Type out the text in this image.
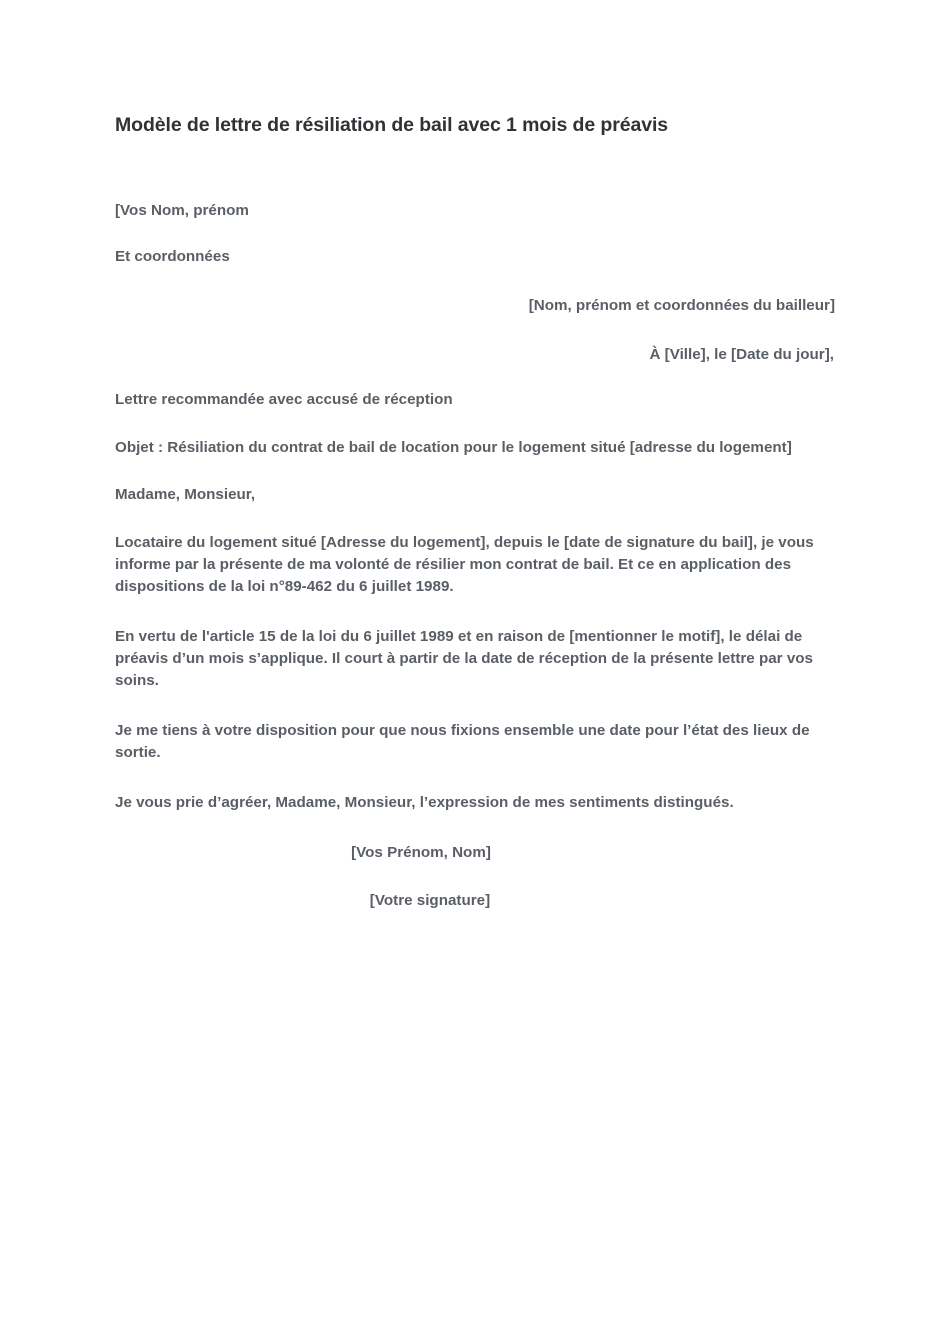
Modèle de lettre de résiliation de bail avec 1 mois de préavis

[Vos Nom, prénom

Et coordonnées

[Nom, prénom et coordonnées du bailleur]

À [Ville], le [Date du jour],

Lettre recommandée avec accusé de réception

Objet : Résiliation du contrat de bail de location pour le logement situé [adresse du logement]

Madame, Monsieur,

Locataire du logement situé [Adresse du logement], depuis le [date de signature du bail], je vous informe par la présente de ma volonté de résilier mon contrat de bail. Et ce en application des dispositions de la loi n°89-462 du 6 juillet 1989.

En vertu de l'article 15 de la loi du 6 juillet 1989 et en raison de [mentionner le motif], le délai de préavis d’un mois s’applique. Il court à partir de la date de réception de la présente lettre par vos soins.

Je me tiens à votre disposition pour que nous fixions ensemble une date pour l’état des lieux de sortie.

Je vous prie d’agréer, Madame, Monsieur, l’expression de mes sentiments distingués.

[Vos Prénom, Nom]

[Votre signature]
